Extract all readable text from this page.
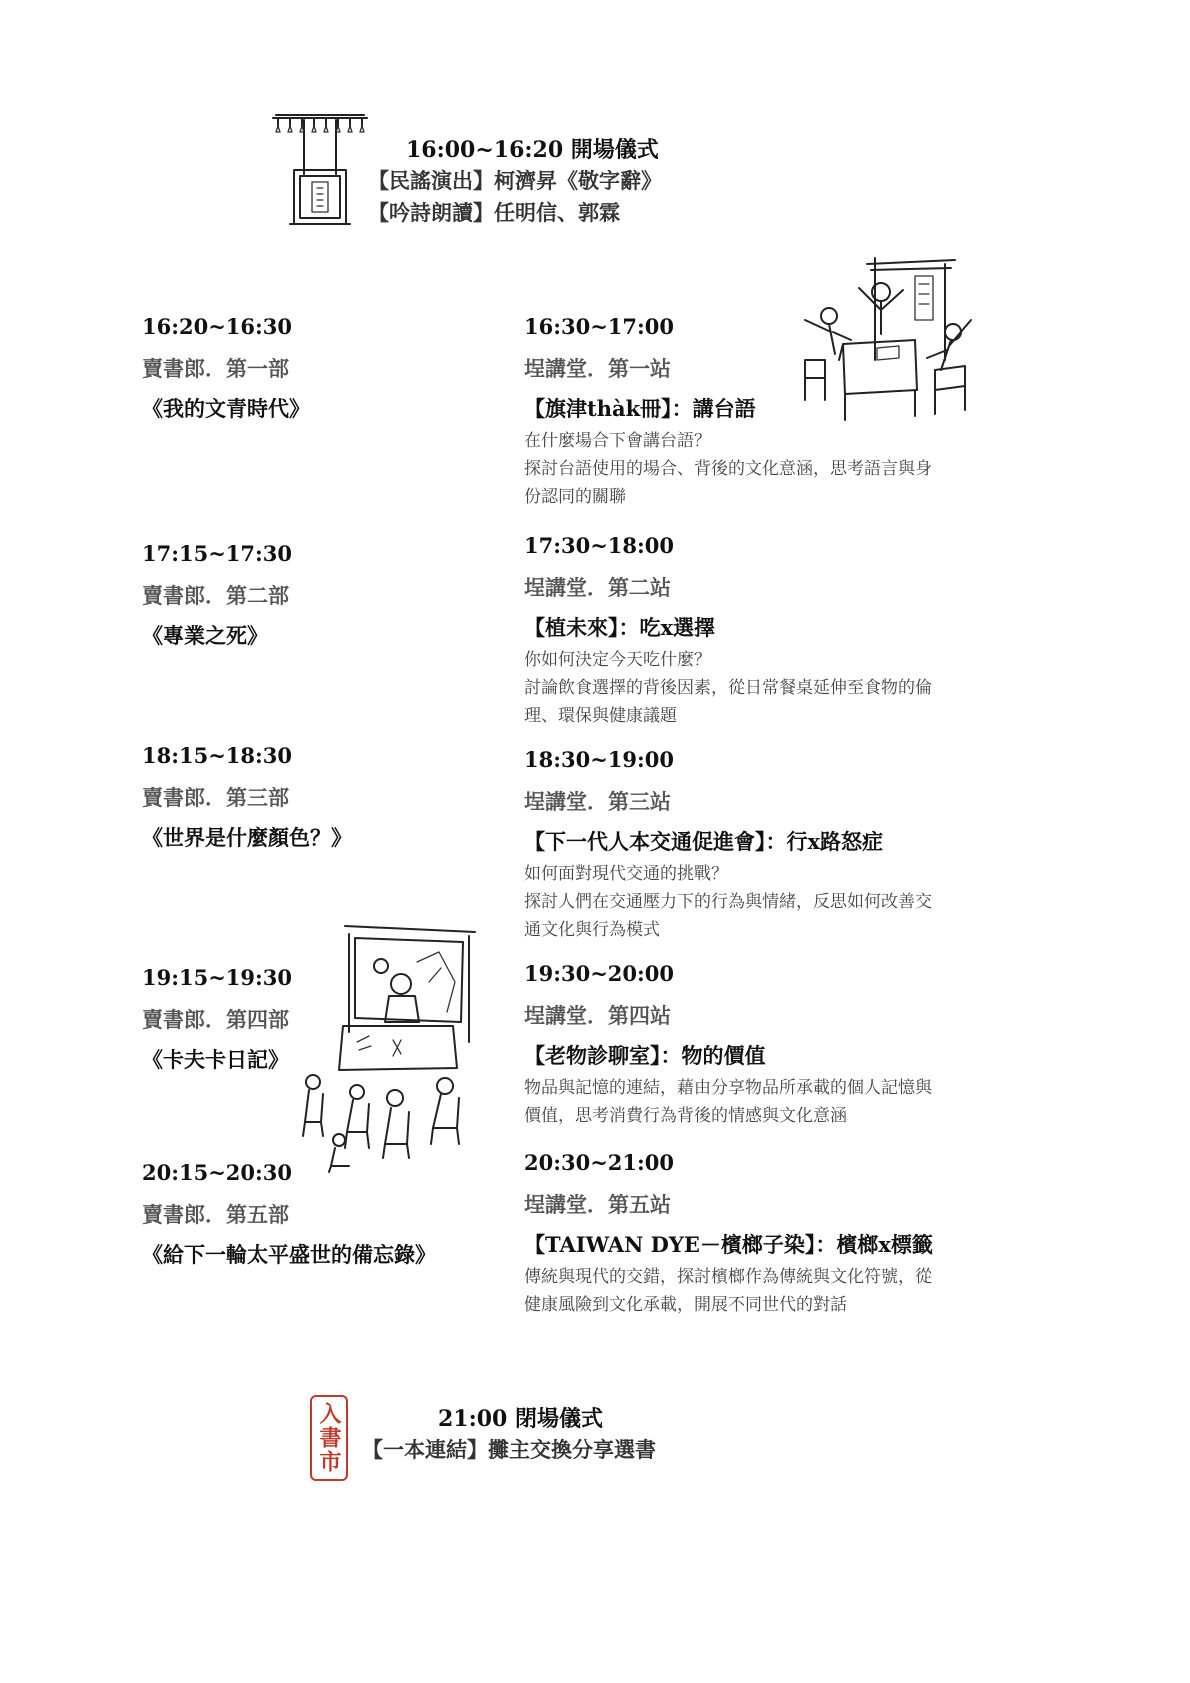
16:00~16:20 開場儀式
【民謠演出】柯濟昇《敬字辭》
【吟詩朗讀】任明信、郭霖
16:20~16:30
賣書郎．第一部
《我的文青時代》
17:15~17:30
賣書郎．第二部
《專業之死》
18:15~18:30
賣書郎．第三部
《世界是什麼顏色？》
19:15~19:30
賣書郎．第四部
《卡夫卡日記》
20:15~20:30
賣書郎．第五部
《給下一輪太平盛世的備忘錄》
16:30~17:00
埕講堂．第一站
【旗津thàk冊】：講台語
在什麼場合下會講台語？
探討台語使用的場合、背後的文化意涵，思考語言與身
份認同的關聯
17:30~18:00
埕講堂．第二站
【植未來】：吃x選擇
你如何決定今天吃什麼？
討論飲食選擇的背後因素，從日常餐桌延伸至食物的倫
理、環保與健康議題
18:30~19:00
埕講堂．第三站
【下一代人本交通促進會】：行x路怒症
如何面對現代交通的挑戰？
探討人們在交通壓力下的行為與情緒，反思如何改善交
通文化與行為模式
19:30~20:00
埕講堂．第四站
【老物診聊室】：物的價值
物品與記憶的連結，藉由分享物品所承載的個人記憶與
價值，思考消費行為背後的情感與文化意涵
20:30~21:00
埕講堂．第五站
【TAIWAN DYE－檳榔子染】：檳榔x標籤
傳統與現代的交錯，探討檳榔作為傳統與文化符號，從
健康風險到文化承載，開展不同世代的對話
入書市	21:00 閉場儀式
【一本連結】攤主交換分享選書
